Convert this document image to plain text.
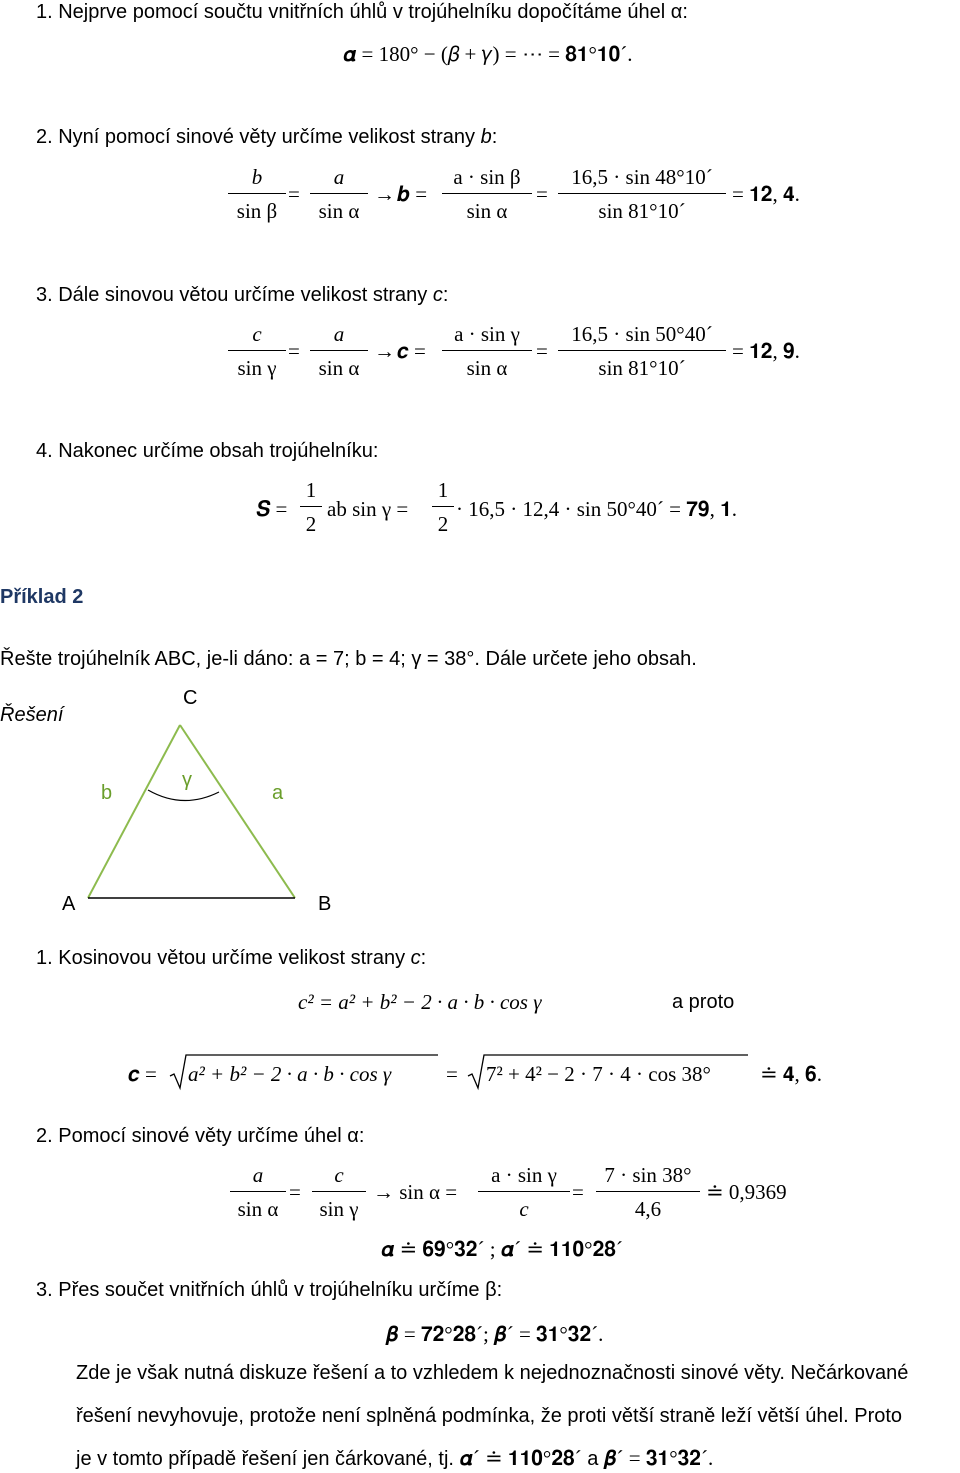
1. Nejprve pomocí součtu vnitřních úhlů v trojúhelníku dopočítáme úhel α:
𝜶 = 180° − (𝛽 + 𝛾) = ⋯ = 𝟖𝟏°𝟏𝟎´.
2. Nyní pomocí sinové věty určíme velikost strany b:
b
sin β
=
a
sin α
→ 𝒃 =
a · sin β
sin α
=
16,5 · sin 48°10´
sin 81°10´
= 𝟏𝟐, 𝟒.
3. Dále sinovou větou určíme velikost strany c:
c
sin γ
=
a
sin α
→ 𝒄 =
a · sin γ
sin α
=
16,5 · sin 50°40´
sin 81°10´
= 𝟏𝟐, 𝟗.
4. Nakonec určíme obsah trojúhelníku:
𝑺 =
1
2
ab sin γ =
1
2
· 16,5 · 12,4 · sin 50°40´ = 𝟕𝟗, 𝟏.
Příklad 2
Řešte trojúhelník ABC, je-li dáno: a = 7; b = 4; γ = 38°. Dále určete jeho obsah.
Řešení
C
b
γ
a
A	B
1. Kosinovou větou určíme velikost strany c:
c² = a² + b² − 2 · a · b · cos γ	a proto
𝒄 = a² + b² − 2 · a · b · cos γ	= 7² + 4² − 2 · 7 · 4 · cos 38° ≐ 𝟒, 𝟔.
2. Pomocí sinové věty určíme úhel α:
a
sin α
=
c
sin γ
→ sin α =
a · sin γ
c
=
7 · sin 38°
4,6
≐ 0,9369
𝜶 ≐ 𝟔𝟗°𝟑𝟐´ ; 𝜶´ ≐ 𝟏𝟏𝟎°𝟐𝟖´
3. Přes součet vnitřních úhlů v trojúhelníku určíme β:
𝜷 = 𝟕𝟐°𝟐𝟖´; 𝜷´ = 𝟑𝟏°𝟑𝟐´.
Zde je však nutná diskuze řešení a to vzhledem k nejednoznačnosti sinové věty. Nečárkované
řešení nevyhovuje, protože není splněná podmínka, že proti větší straně leží větší úhel. Proto
je v tomto případě řešení jen čárkované, tj. 𝜶´ ≐ 𝟏𝟏𝟎°𝟐𝟖´ a 𝜷´ = 𝟑𝟏°𝟑𝟐´.
